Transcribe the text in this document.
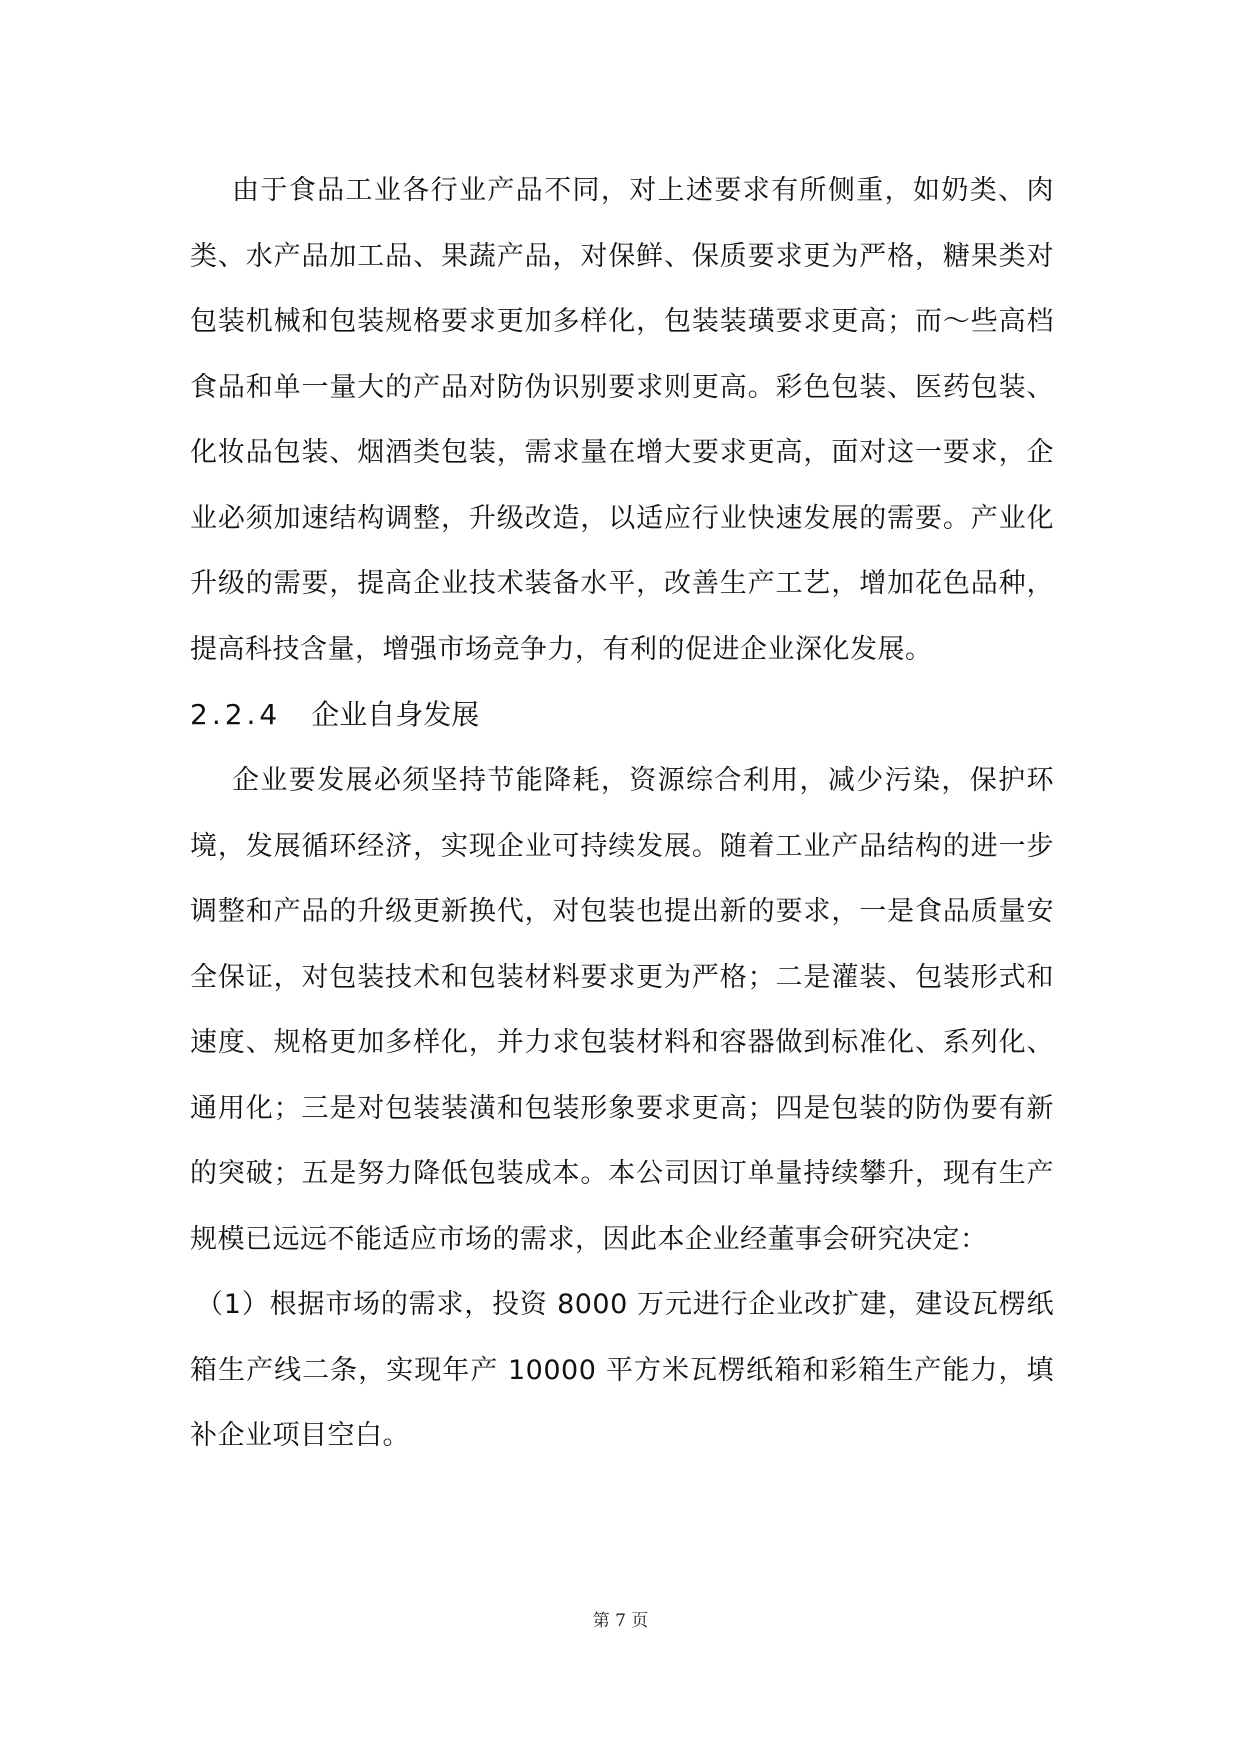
由于食品工业各行业产品不同，对上述要求有所侧重，如奶类、肉类、水产品加工品、果蔬产品，对保鲜、保质要求更为严格，糖果类对包装机械和包装规格要求更加多样化，包装装璜要求更高；而～些高档食品和单一量大的产品对防伪识别要求则更高。彩色包装、医药包装、化妆品包装、烟酒类包装，需求量在增大要求更高，面对这一要求，企业必须加速结构调整，升级改造，以适应行业快速发展的需要。产业化升级的需要，提高企业技术装备水平，改善生产工艺，增加花色品种，提高科技含量，增强市场竞争力，有利的促进企业深化发展。

2.2.4 企业自身发展

企业要发展必须坚持节能降耗，资源综合利用，减少污染，保护环境，发展循环经济，实现企业可持续发展。随着工业产品结构的进一步调整和产品的升级更新换代，对包装也提出新的要求，一是食品质量安全保证，对包装技术和包装材料要求更为严格；二是灌装、包装形式和速度、规格更加多样化，并力求包装材料和容器做到标准化、系列化、通用化；三是对包装装潢和包装形象要求更高；四是包装的防伪要有新的突破；五是努力降低包装成本。本公司因订单量持续攀升，现有生产规模已远远不能适应市场的需求，因此本企业经董事会研究决定：

（1）根据市场的需求，投资 8000 万元进行企业改扩建，建设瓦楞纸箱生产线二条，实现年产 10000 平方米瓦楞纸箱和彩箱生产能力，填补企业项目空白。

第 7 页
